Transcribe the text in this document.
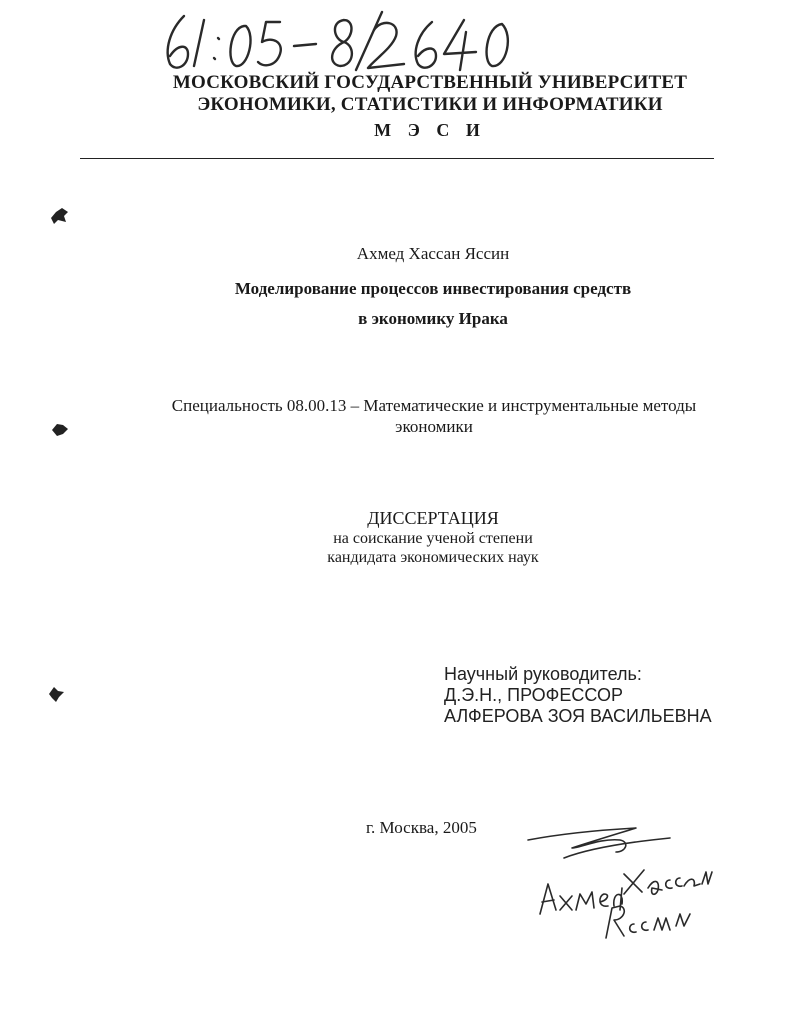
МОСКОВСКИЙ ГОСУДАРСТВЕННЫЙ УНИВЕРСИТЕТ
ЭКОНОМИКИ, СТАТИСТИКИ И ИНФОРМАТИКИ
М Э С И
Ахмед Хассан Яссин
Моделирование процессов инвестирования средств
в экономику Ирака
Специальность 08.00.13 – Математические и инструментальные методы
экономики
ДИССЕРТАЦИЯ
на соискание ученой степени
кандидата экономических наук
Научный руководитель:
Д.Э.Н., ПРОФЕССОР
АЛФЕРОВА ЗОЯ ВАСИЛЬЕВНА
г. Москва, 2005
